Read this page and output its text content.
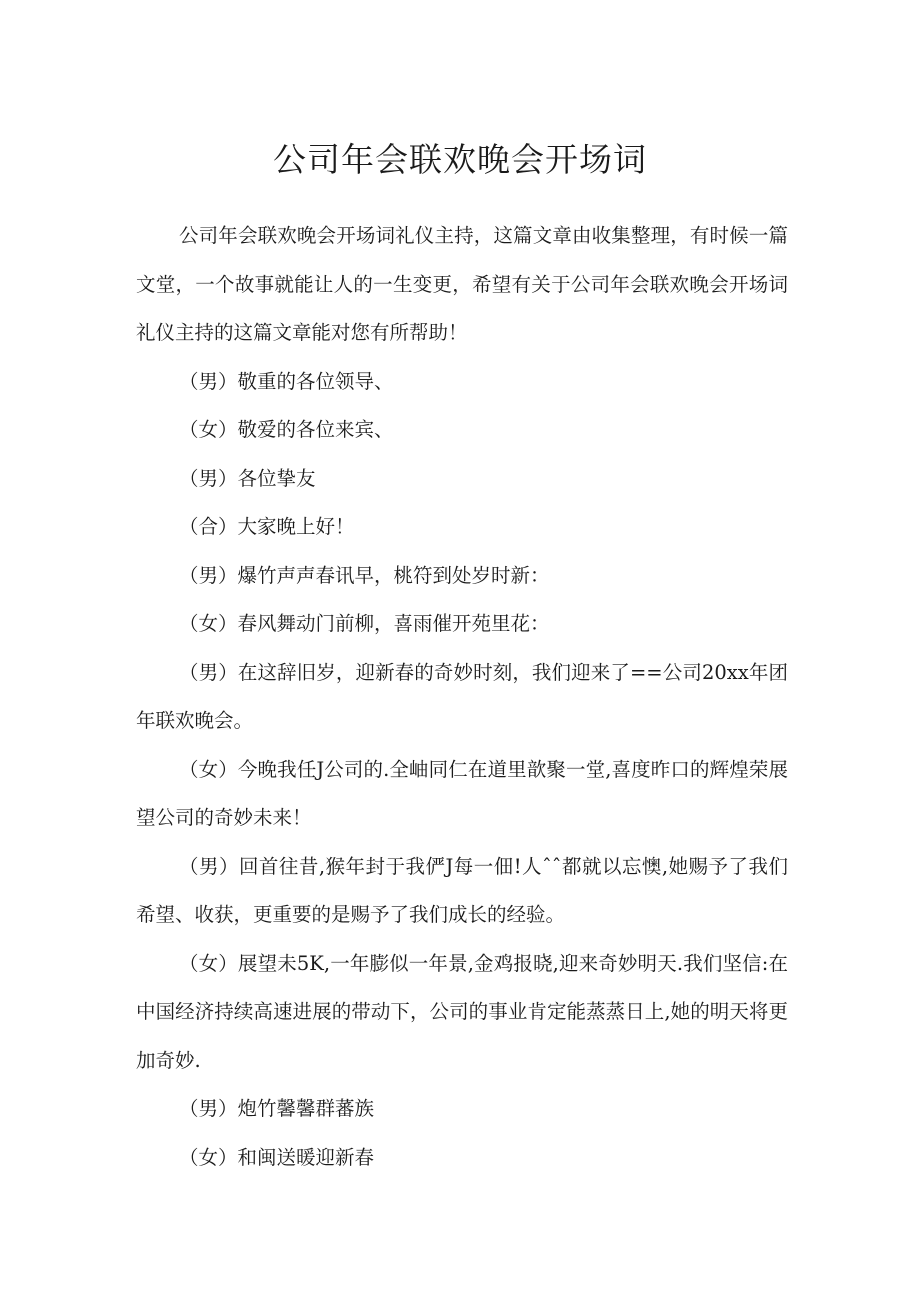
公司年会联欢晚会开场词

公司年会联欢晚会开场词礼仪主持，这篇文章由收集整理，有时候一篇文堂，一个故事就能让人的一生变更，希望有关于公司年会联欢晚会开场词礼仪主持的这篇文章能对您有所帮助！

（男）敬重的各位领导、

（女）敬爱的各位来宾、

（男）各位挚友

（合）大家晚上好！

（男）爆竹声声春讯早，桃符到处岁时新：

（女）春风舞动门前柳，喜雨催开苑里花：

（男）在这辞旧岁，迎新春的奇妙时刻，我们迎来了==公司20xx年团年联欢晚会。

（女）今晚我任J公司的.全岫同仁在道里歆聚一堂,喜度昨口的辉煌荣展望公司的奇妙未来！

（男）回首往昔,猴年封于我俨J每一佃!人ˆˆ都就以忘懊,她赐予了我们希望、收获，更重要的是赐予了我们成长的经验。

（女）展望未5K,一年膨似一年景,金鸡报晓,迎来奇妙明天.我们坚信:在中国经济持续高速进展的带动下，公司的事业肯定能蒸蒸日上,她的明天将更加奇妙.

（男）炮竹馨馨群蕃族

（女）和闽送暖迎新春
